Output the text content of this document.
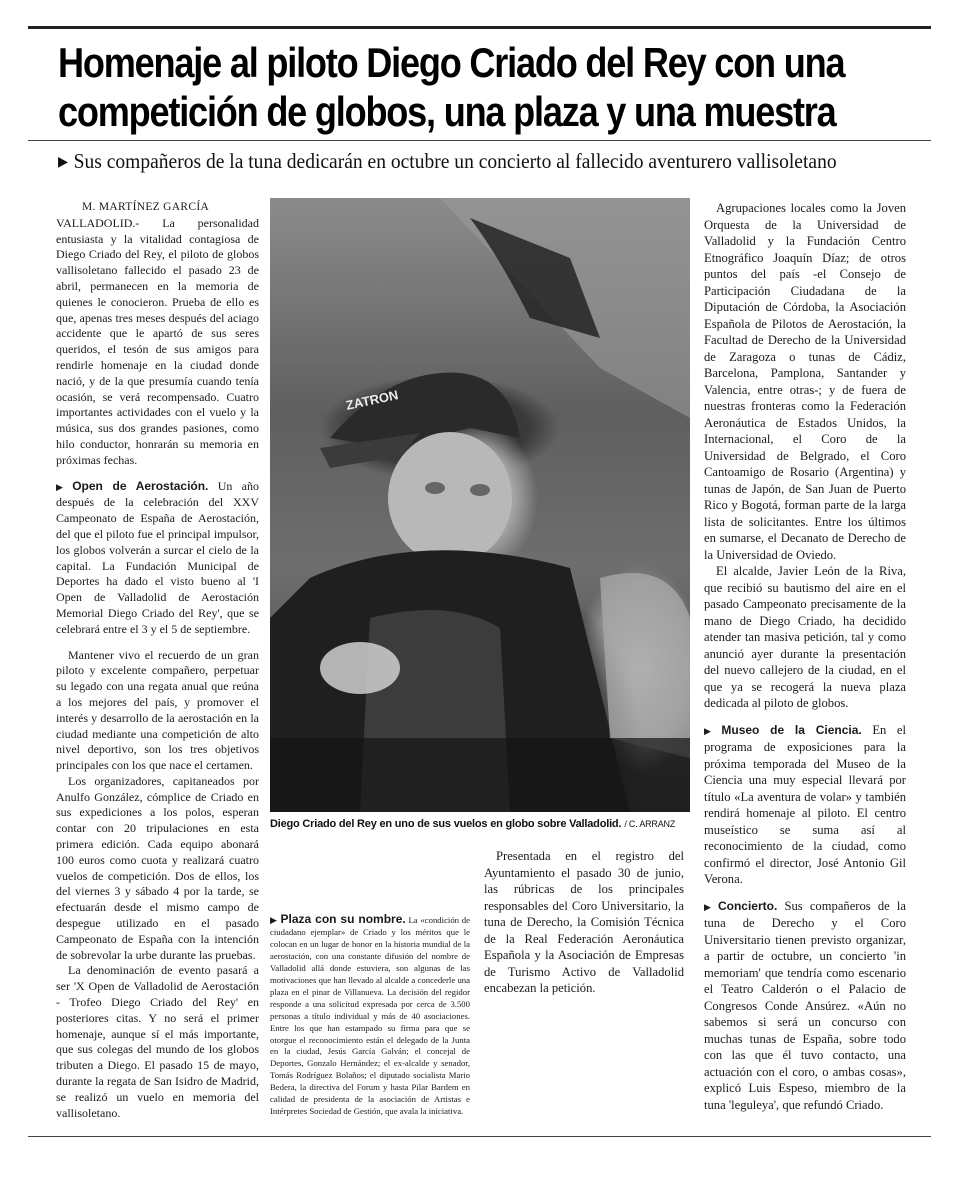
Homenaje al piloto Diego Criado del Rey con una competición de globos, una plaza y una muestra
▶ Sus compañeros de la tuna dedicarán en octubre un concierto al fallecido aventurero vallisoletano

M. MARTÍNEZ GARCÍA

VALLADOLID.- La personalidad entusiasta y la vitalidad contagiosa de Diego Criado del Rey, el piloto de globos vallisoletano fallecido el pasado 23 de abril, permanecen en la memoria de quienes le conocieron. Prueba de ello es que, apenas tres meses después del aciago accidente que le apartó de sus seres queridos, el tesón de sus amigos para rendirle homenaje en la ciudad donde nació, y de la que presumía cuando tenía ocasión, se verá recompensado. Cuatro importantes actividades con el vuelo y la música, sus dos grandes pasiones, como hilo conductor, honrarán su memoria en próximas fechas.

▶ Open de Aerostación. Un año después de la celebración del XXV Campeonato de España de Aerostación, del que el piloto fue el principal impulsor, los globos volverán a surcar el cielo de la capital. La Fundación Municipal de Deportes ha dado el visto bueno al 'I Open de Valladolid de Aerostación Memorial Diego Criado del Rey', que se celebrará entre el 3 y el 5 de septiembre.

Mantener vivo el recuerdo de un gran piloto y excelente compañero, perpetuar su legado con una regata anual que reúna a los mejores del país, y promover el interés y desarrollo de la aerostación en la ciudad mediante una competición de alto nivel deportivo, son los tres objetivos principales con los que nace el certamen.

Los organizadores, capitaneados por Anulfo González, cómplice de Criado en sus expediciones a los polos, esperan contar con 20 tripulaciones en esta primera edición. Cada equipo abonará 100 euros como cuota y realizará cuatro vuelos de competición. Dos de ellos, los del viernes 3 y sábado 4 por la tarde, se efectuarán desde el mismo campo de despegue utilizado en el pasado Campeonato de España con la intención de sobrevolar la urbe durante las pruebas.

La denominación de evento pasará a ser 'X Open de Valladolid de Aerostación - Trofeo Diego Criado del Rey' en posteriores citas. Y no será el primer homenaje, aunque sí el más importante, que sus colegas del mundo de los globos tributen a Diego. El pasado 15 de mayo, durante la regata de San Isidro de Madrid, se realizó un vuelo en memoria del vallisoletano.

ZATRON
Diego Criado del Rey en uno de sus vuelos en globo sobre Valladolid. / C. ARRANZ

▶ Plaza con su nombre. La «condición de ciudadano ejemplar» de Criado y los méritos que le colocan en un lugar de honor en la historia mundial de la aerostación, con una constante difusión del nombre de Valladolid allá donde estuviera, son algunas de las motivaciones que han llevado al alcalde a concederle una plaza en el pinar de Villanueva. La decisión del regidor responde a una solicitud expresada por cerca de 3.500 personas a título individual y más de 40 asociaciones. Entre los que han estampado su firma para que se otorgue el reconocimiento están el delegado de la Junta en la ciudad, Jesús García Galván; el concejal de Deportes, Gonzalo Hernández; el ex-alcalde y senador, Tomás Rodríguez Bolaños; el diputado socialista Mario Bedera, la directiva del Forum y hasta Pilar Bardem en calidad de presidenta de la asociación de Artistas e Intérpretes Sociedad de Gestión, que avala la iniciativa.

Presentada en el registro del Ayuntamiento el pasado 30 de junio, las rúbricas de los principales responsables del Coro Universitario, la tuna de Derecho, la Comisión Técnica de la Real Federación Aeronáutica Española y la Asociación de Empresas de Turismo Activo de Valladolid encabezan la petición.

Agrupaciones locales como la Joven Orquesta de la Universidad de Valladolid y la Fundación Centro Etnográfico Joaquín Díaz; de otros puntos del país -el Consejo de Participación Ciudadana de la Diputación de Córdoba, la Asociación Española de Pilotos de Aerostación, la Facultad de Derecho de la Universidad de Zaragoza o tunas de Cádiz, Barcelona, Pamplona, Santander y Valencia, entre otras-; y de fuera de nuestras fronteras como la Federación Aeronáutica de Estados Unidos, la Internacional, el Coro de la Universidad de Belgrado, el Coro Cantoamigo de Rosario (Argentina) y tunas de Japón, de San Juan de Puerto Rico y Bogotá, forman parte de la larga lista de solicitantes. Entre los últimos en sumarse, el Decanato de Derecho de la Universidad de Oviedo.

El alcalde, Javier León de la Riva, que recibió su bautismo del aire en el pasado Campeonato precisamente de la mano de Diego Criado, ha decidido atender tan masiva petición, tal y como anunció ayer durante la presentación del nuevo callejero de la ciudad, en el que ya se recogerá la nueva plaza dedicada al piloto de globos.

▶ Museo de la Ciencia. En el programa de exposiciones para la próxima temporada del Museo de la Ciencia una muy especial llevará por título «La aventura de volar» y también rendirá homenaje al piloto. El centro museístico se suma así al reconocimiento de la ciudad, como confirmó el director, José Antonio Gil Verona.

▶ Concierto. Sus compañeros de la tuna de Derecho y el Coro Universitario tienen previsto organizar, a partir de octubre, un concierto 'in memoriam' que tendría como escenario el Teatro Calderón o el Palacio de Congresos Conde Ansúrez. «Aún no sabemos si será un concurso con muchas tunas de España, sobre todo con las que él tuvo contacto, una actuación con el coro, o ambas cosas», explicó Luis Espeso, miembro de la tuna 'leguleya', que refundó Criado.
